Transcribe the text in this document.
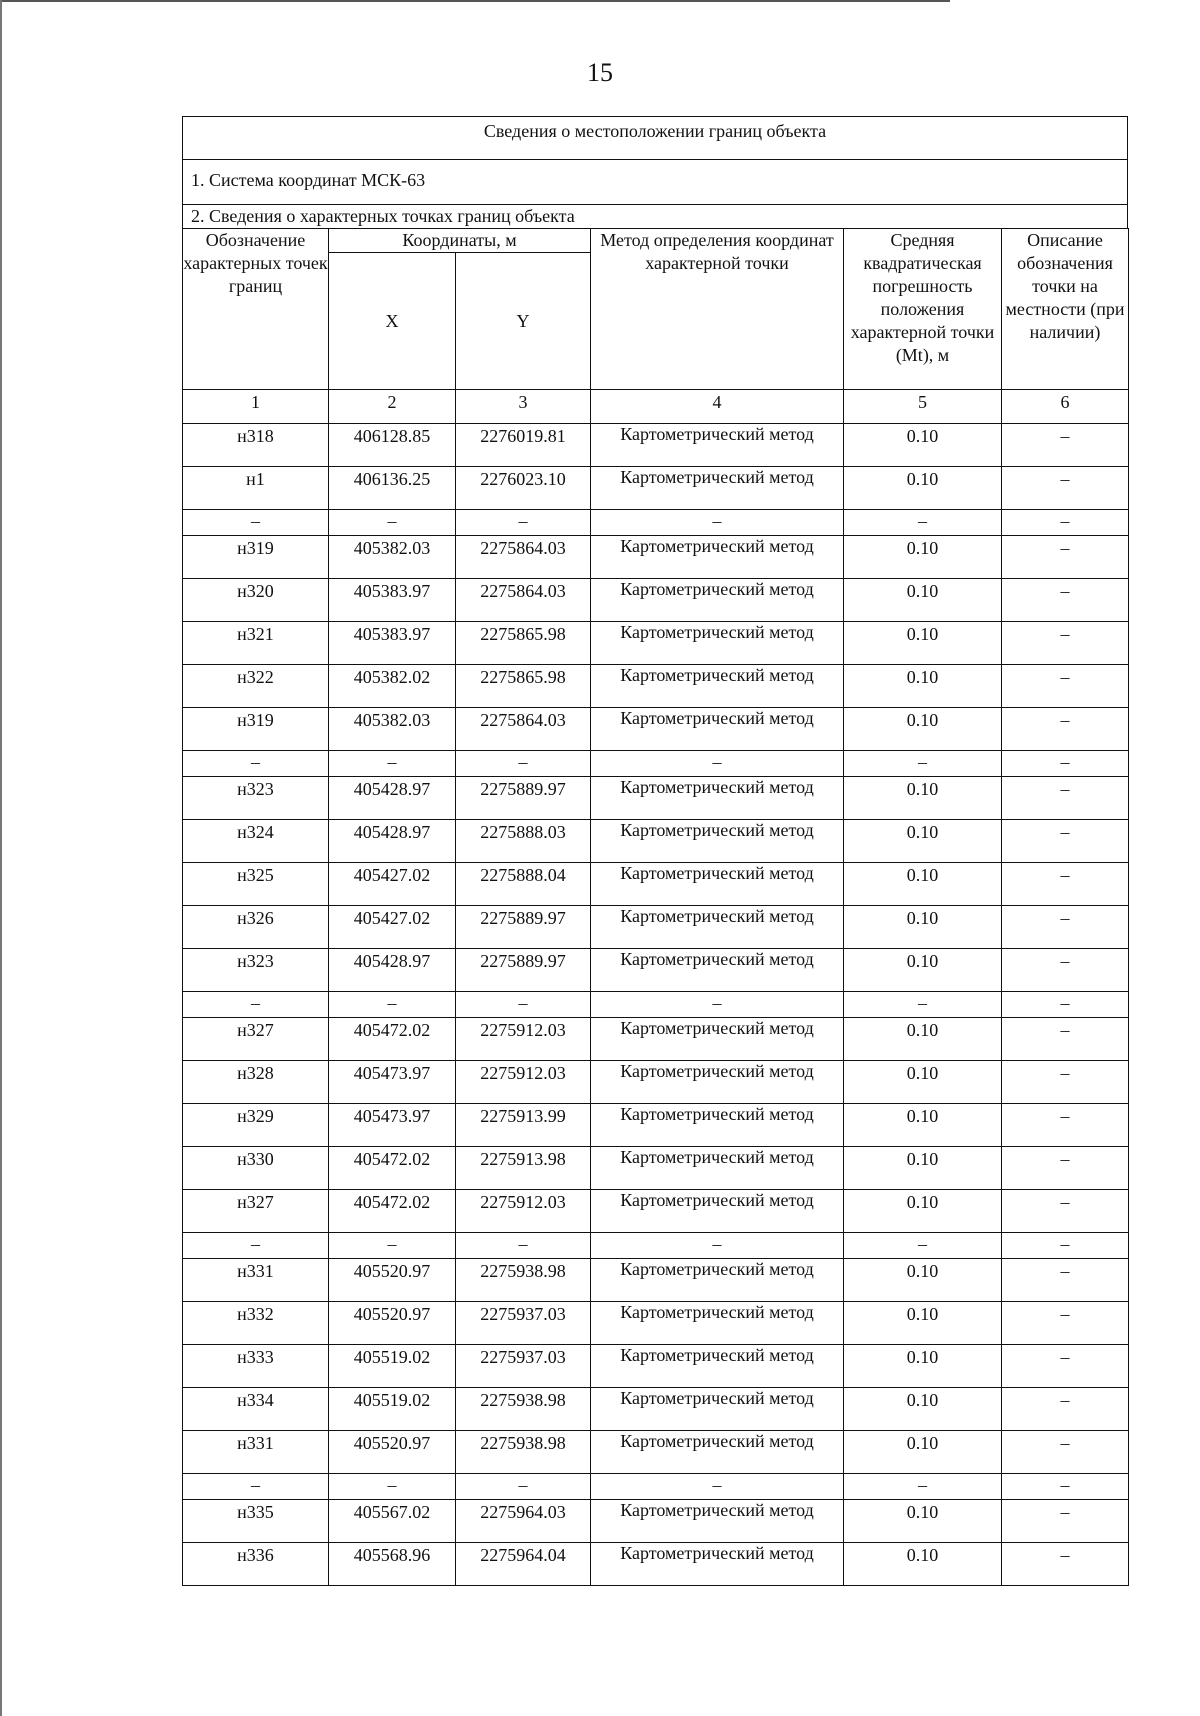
15
Сведения о местоположении границ объекта
1. Система координат МСК-63
2. Сведения о характерных точках границ объекта
Обозначение характерных точек границ	Координаты, м		Метод определения координат характерной точки	Средняя квадратическая погрешность положения характерной точки (Mt), м	Описание обозначения точки на местности (при наличии)
	X	Y			
1	2	3	4	5	6
н318	406128.85	2276019.81	Картометрический метод	0.10	–
н1	406136.25	2276023.10	Картометрический метод	0.10	–
–	–	–	–	–	–
н319	405382.03	2275864.03	Картометрический метод	0.10	–
н320	405383.97	2275864.03	Картометрический метод	0.10	–
н321	405383.97	2275865.98	Картометрический метод	0.10	–
н322	405382.02	2275865.98	Картометрический метод	0.10	–
н319	405382.03	2275864.03	Картометрический метод	0.10	–
–	–	–	–	–	–
н323	405428.97	2275889.97	Картометрический метод	0.10	–
н324	405428.97	2275888.03	Картометрический метод	0.10	–
н325	405427.02	2275888.04	Картометрический метод	0.10	–
н326	405427.02	2275889.97	Картометрический метод	0.10	–
н323	405428.97	2275889.97	Картометрический метод	0.10	–
–	–	–	–	–	–
н327	405472.02	2275912.03	Картометрический метод	0.10	–
н328	405473.97	2275912.03	Картометрический метод	0.10	–
н329	405473.97	2275913.99	Картометрический метод	0.10	–
н330	405472.02	2275913.98	Картометрический метод	0.10	–
н327	405472.02	2275912.03	Картометрический метод	0.10	–
–	–	–	–	–	–
н331	405520.97	2275938.98	Картометрический метод	0.10	–
н332	405520.97	2275937.03	Картометрический метод	0.10	–
н333	405519.02	2275937.03	Картометрический метод	0.10	–
н334	405519.02	2275938.98	Картометрический метод	0.10	–
н331	405520.97	2275938.98	Картометрический метод	0.10	–
–	–	–	–	–	–
н335	405567.02	2275964.03	Картометрический метод	0.10	–
н336	405568.96	2275964.04	Картометрический метод	0.10	–
